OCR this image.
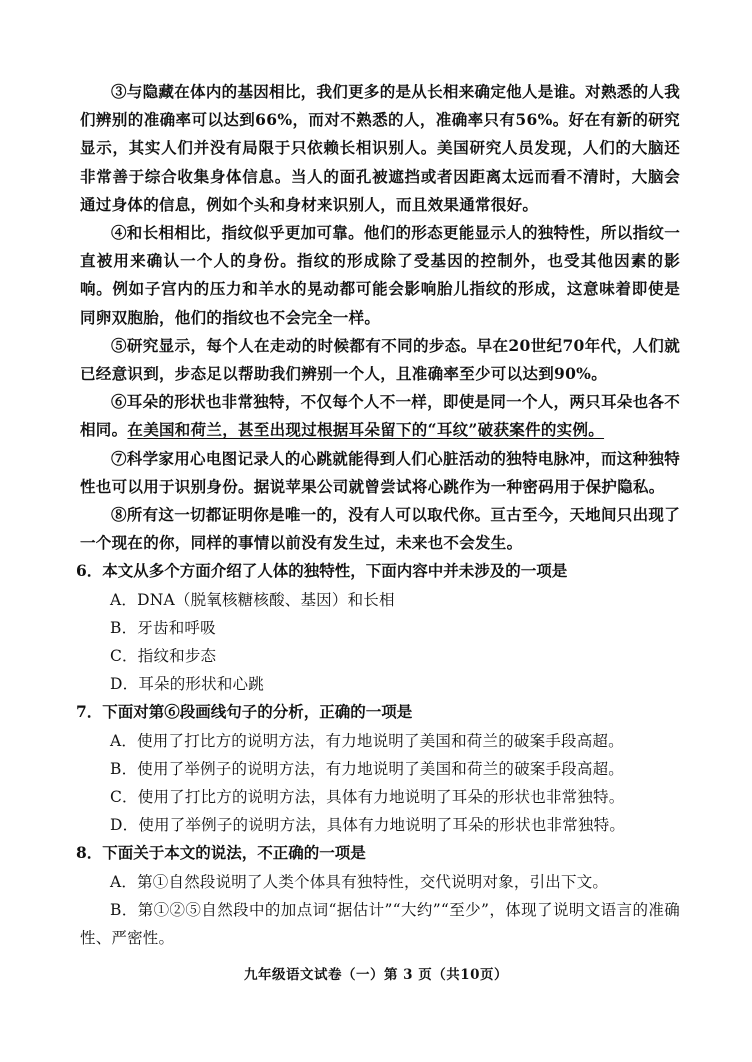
③与隐藏在体内的基因相比，我们更多的是从长相来确定他人是谁。对熟悉的人我们辨别的准确率可以达到66%，而对不熟悉的人，准确率只有56%。好在有新的研究显示，其实人们并没有局限于只依赖长相识别人。美国研究人员发现，人们的大脑还非常善于综合收集身体信息。当人的面孔被遮挡或者因距离太远而看不清时，大脑会通过身体的信息，例如个头和身材来识别人，而且效果通常很好。

④和长相相比，指纹似乎更加可靠。他们的形态更能显示人的独特性，所以指纹一直被用来确认一个人的身份。指纹的形成除了受基因的控制外，也受其他因素的影响。例如子宫内的压力和羊水的晃动都可能会影响胎儿指纹的形成，这意味着即使是同卵双胞胎，他们的指纹也不会完全一样。

⑤研究显示，每个人在走动的时候都有不同的步态。早在20世纪70年代，人们就已经意识到，步态足以帮助我们辨别一个人，且准确率至少可以达到90%。

⑥耳朵的形状也非常独特，不仅每个人不一样，即使是同一个人，两只耳朵也各不相同。在美国和荷兰，甚至出现过根据耳朵留下的“耳纹”破获案件的实例。

⑦科学家用心电图记录人的心跳就能得到人们心脏活动的独特电脉冲，而这种独特性也可以用于识别身份。据说苹果公司就曾尝试将心跳作为一种密码用于保护隐私。

⑧所有这一切都证明你是唯一的，没有人可以取代你。亘古至今，天地间只出现了一个现在的你，同样的事情以前没有发生过，未来也不会发生。

6．本文从多个方面介绍了人体的独特性，下面内容中并未涉及的一项是

A．DNA（脱氧核糖核酸、基因）和长相

B．牙齿和呼吸

C．指纹和步态

D．耳朵的形状和心跳

7．下面对第⑥段画线句子的分析，正确的一项是

A．使用了打比方的说明方法，有力地说明了美国和荷兰的破案手段高超。

B．使用了举例子的说明方法，有力地说明了美国和荷兰的破案手段高超。

C．使用了打比方的说明方法，具体有力地说明了耳朵的形状也非常独特。

D．使用了举例子的说明方法，具体有力地说明了耳朵的形状也非常独特。

8．下面关于本文的说法，不正确的一项是

A．第①自然段说明了人类个体具有独特性，交代说明对象，引出下文。

B．第①②⑤自然段中的加点词“据估计”“大约”“至少”，体现了说明文语言的准确性、严密性。

九年级语文试卷（一）第 3 页（共10页）
